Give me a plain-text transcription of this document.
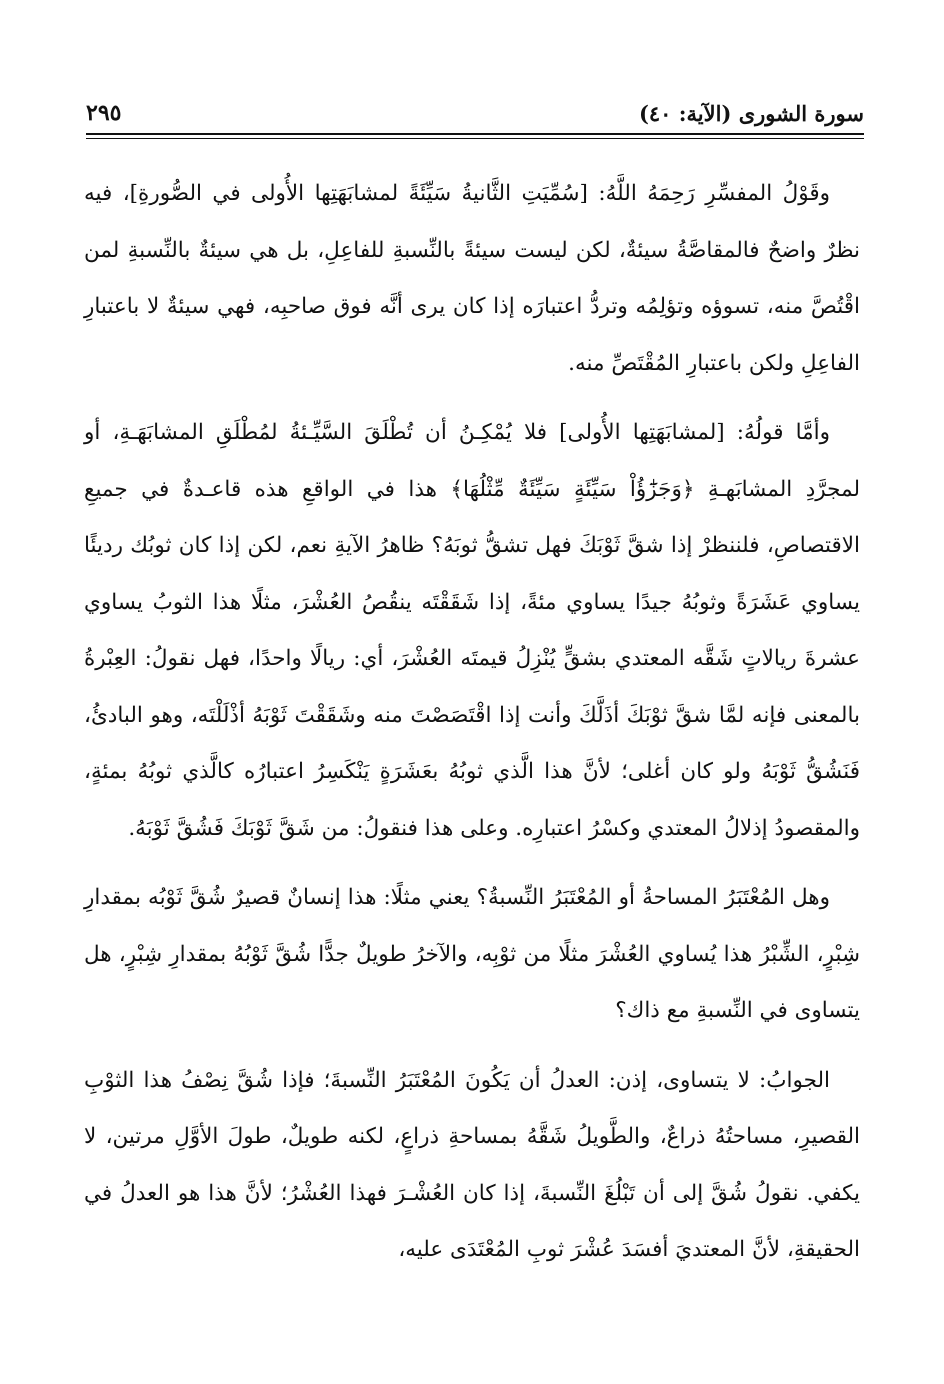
سورة الشورى (الآية: ٤٠)
٢٩٥

وقَوْلُ المفسِّرِ رَحِمَهُ اللَّهُ: [سُمِّيَتِ الثَّانيةُ سَيِّئَةً لمشابَهَتِها الأُولى في الصُّورةِ]، فيه نظرٌ واضحٌ فالمقاصَّةُ سيئةٌ، لكن ليست سيئةً بالنِّسبةِ للفاعِلِ، بل هي سيئةٌ بالنِّسبةِ لمن اقْتُصَّ منه، تسوؤه وتؤلِمُه وتردُّ اعتبارَه إذا كان يرى أنَّه فوق صاحبِه، فهي سيئةٌ لا باعتبارِ الفاعِلِ ولكن باعتبارِ المُقْتَصِّ منه.

وأمَّا قولُهُ: [لمشابَهَتِها الأُولى] فلا يُمْكِـنُ أن تُطْلَقَ السَّيِّـئةُ لمُطْلَقِ المشابَهَـةِ، أو لمجرَّدِ المشابَهـةِ ﴿وَجَزَٰٓؤُاْ سَيِّئَةٍ سَيِّئَةٌ مِّثْلُهَا﴾ هذا في الواقعِ هذه قاعـدةٌ في جميعِ الاقتصاصِ، فلننظرْ إذا شقَّ ثَوْبَكَ فهل تشقُّ ثوبَهُ؟ ظاهرُ الآيةِ نعم، لكن إذا كان ثوبُك رديئًا يساوي عَشَرَةً وثوبُهُ جيدًا يساوي مئةً، إذا شَقَقْتَه ينقُصُ العُشْرَ، مثلًا هذا الثوبُ يساوي عشرةَ ريالاتٍ شَقَّه المعتدي بشقٍّ يُنْزِلُ قيمتَه العُشْرَ، أي: ريالًا واحدًا، فهل نقولُ: العِبْرةُ بالمعنى فإنه لمَّا شقَّ ثوْبَكَ أذَلَّكَ وأنت إذا اقْتَصَصْتَ منه وشَقَقْتَ ثَوْبَهُ أذْلَلْتَه، وهو البادئُ، فَنَشُقُّ ثَوْبَهُ ولو كان أغلى؛ لأنَّ هذا الَّذي ثوبُهُ بعَشَرَةٍ يَنْكَسِرُ اعتبارُه كالَّذي ثوبُهُ بمئةٍ، والمقصودُ إذلالُ المعتدي وكسْرُ اعتبارِه. وعلى هذا فنقولُ: من شَقَّ ثَوْبَكَ فَشُقَّ ثَوْبَهُ.

وهل المُعْتَبَرُ المساحةُ أو المُعْتَبَرُ النِّسبةُ؟ يعني مثلًا: هذا إنسانٌ قصيرٌ شُقَّ ثَوْبُه بمقدارِ شِبْرٍ، الشِّبْرُ هذا يُساوي العُشْرَ مثلًا من ثوْبِه، والآخرُ طويلٌ جدًّا شُقَّ ثَوْبُهُ بمقدارِ شِبْرٍ، هل يتساوى في النِّسبةِ مع ذاك؟

الجوابُ: لا يتساوى، إذن: العدلُ أن يَكُونَ المُعْتَبَرُ النِّسبةَ؛ فإذا شُقَّ نِصْفُ هذا الثوْبِ القصيرِ، مساحتُهُ ذراعٌ، والطَّويلُ شَقَّهُ بمساحةِ ذراعٍ، لكنه طويلٌ، طولَ الأوَّلِ مرتين، لا يكفي. نقولُ شُقَّ إلى أن تَبْلُغَ النِّسبةَ، إذا كان العُشْـرَ فهذا العُشْرُ؛ لأنَّ هذا هو العدلُ في الحقيقةِ، لأنَّ المعتديَ أفسَدَ عُشْرَ ثوبِ المُعْتَدَى عليه،
